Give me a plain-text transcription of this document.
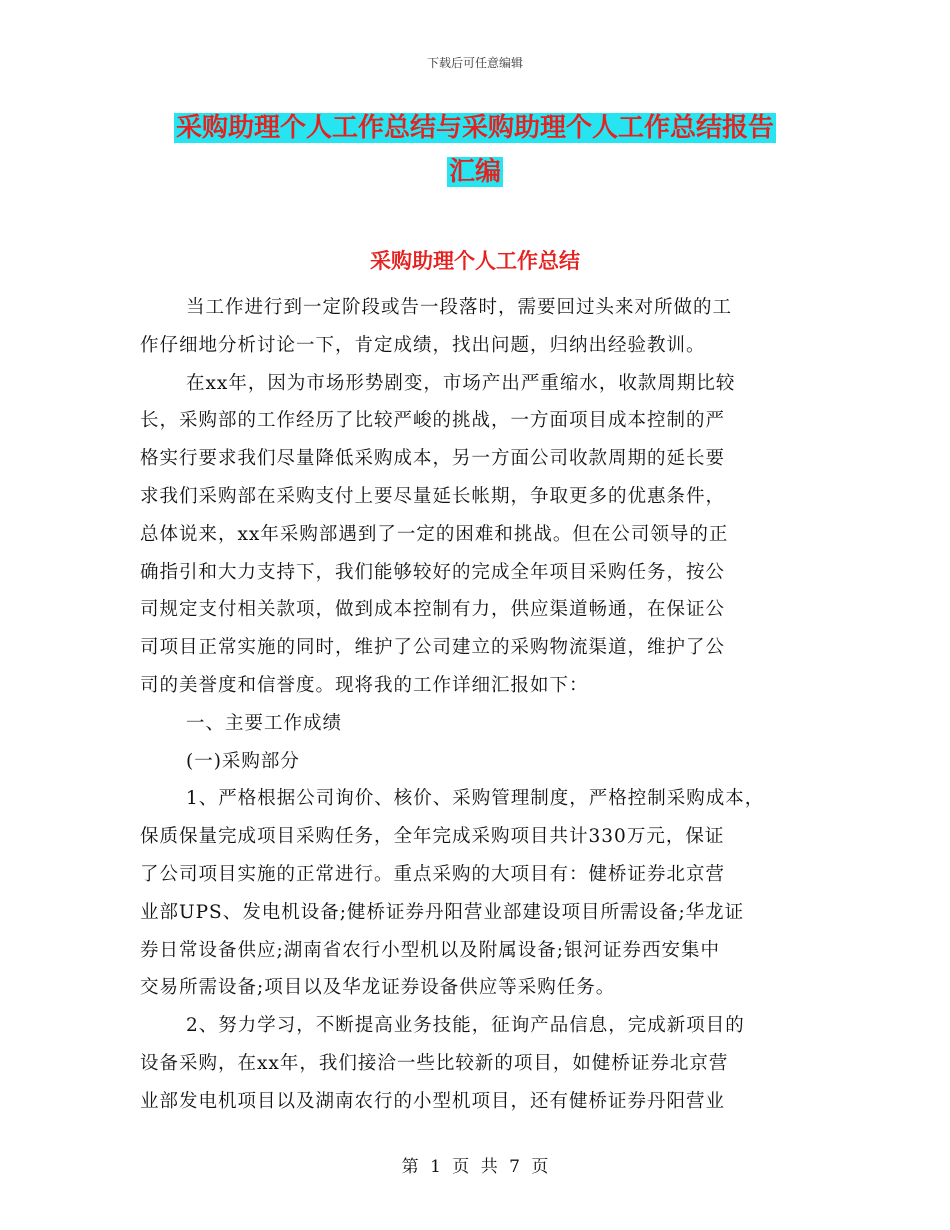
下载后可任意编辑
采购助理个人工作总结与采购助理个人工作总结报告
汇编
采购助理个人工作总结
当工作进行到一定阶段或告一段落时，需要回过头来对所做的工
作仔细地分析讨论一下，肯定成绩，找出问题，归纳出经验教训。
在xx年，因为市场形势剧变，市场产出严重缩水，收款周期比较
长，采购部的工作经历了比较严峻的挑战，一方面项目成本控制的严
格实行要求我们尽量降低采购成本，另一方面公司收款周期的延长要
求我们采购部在采购支付上要尽量延长帐期，争取更多的优惠条件，
总体说来，xx年采购部遇到了一定的困难和挑战。但在公司领导的正
确指引和大力支持下，我们能够较好的完成全年项目采购任务，按公
司规定支付相关款项，做到成本控制有力，供应渠道畅通，在保证公
司项目正常实施的同时，维护了公司建立的采购物流渠道，维护了公
司的美誉度和信誉度。现将我的工作详细汇报如下：
一、主要工作成绩
(一)采购部分
1、严格根据公司询价、核价、采购管理制度，严格控制采购成本，
保质保量完成项目采购任务，全年完成采购项目共计330万元，保证
了公司项目实施的正常进行。重点采购的大项目有：健桥证券北京营
业部UPS、发电机设备;健桥证券丹阳营业部建设项目所需设备;华龙证
券日常设备供应;湖南省农行小型机以及附属设备;银河证券西安集中
交易所需设备;项目以及华龙证券设备供应等采购任务。
2、努力学习，不断提高业务技能，征询产品信息，完成新项目的
设备采购，在xx年，我们接洽一些比较新的项目，如健桥证券北京营
业部发电机项目以及湖南农行的小型机项目，还有健桥证券丹阳营业
第 1 页 共 7 页
